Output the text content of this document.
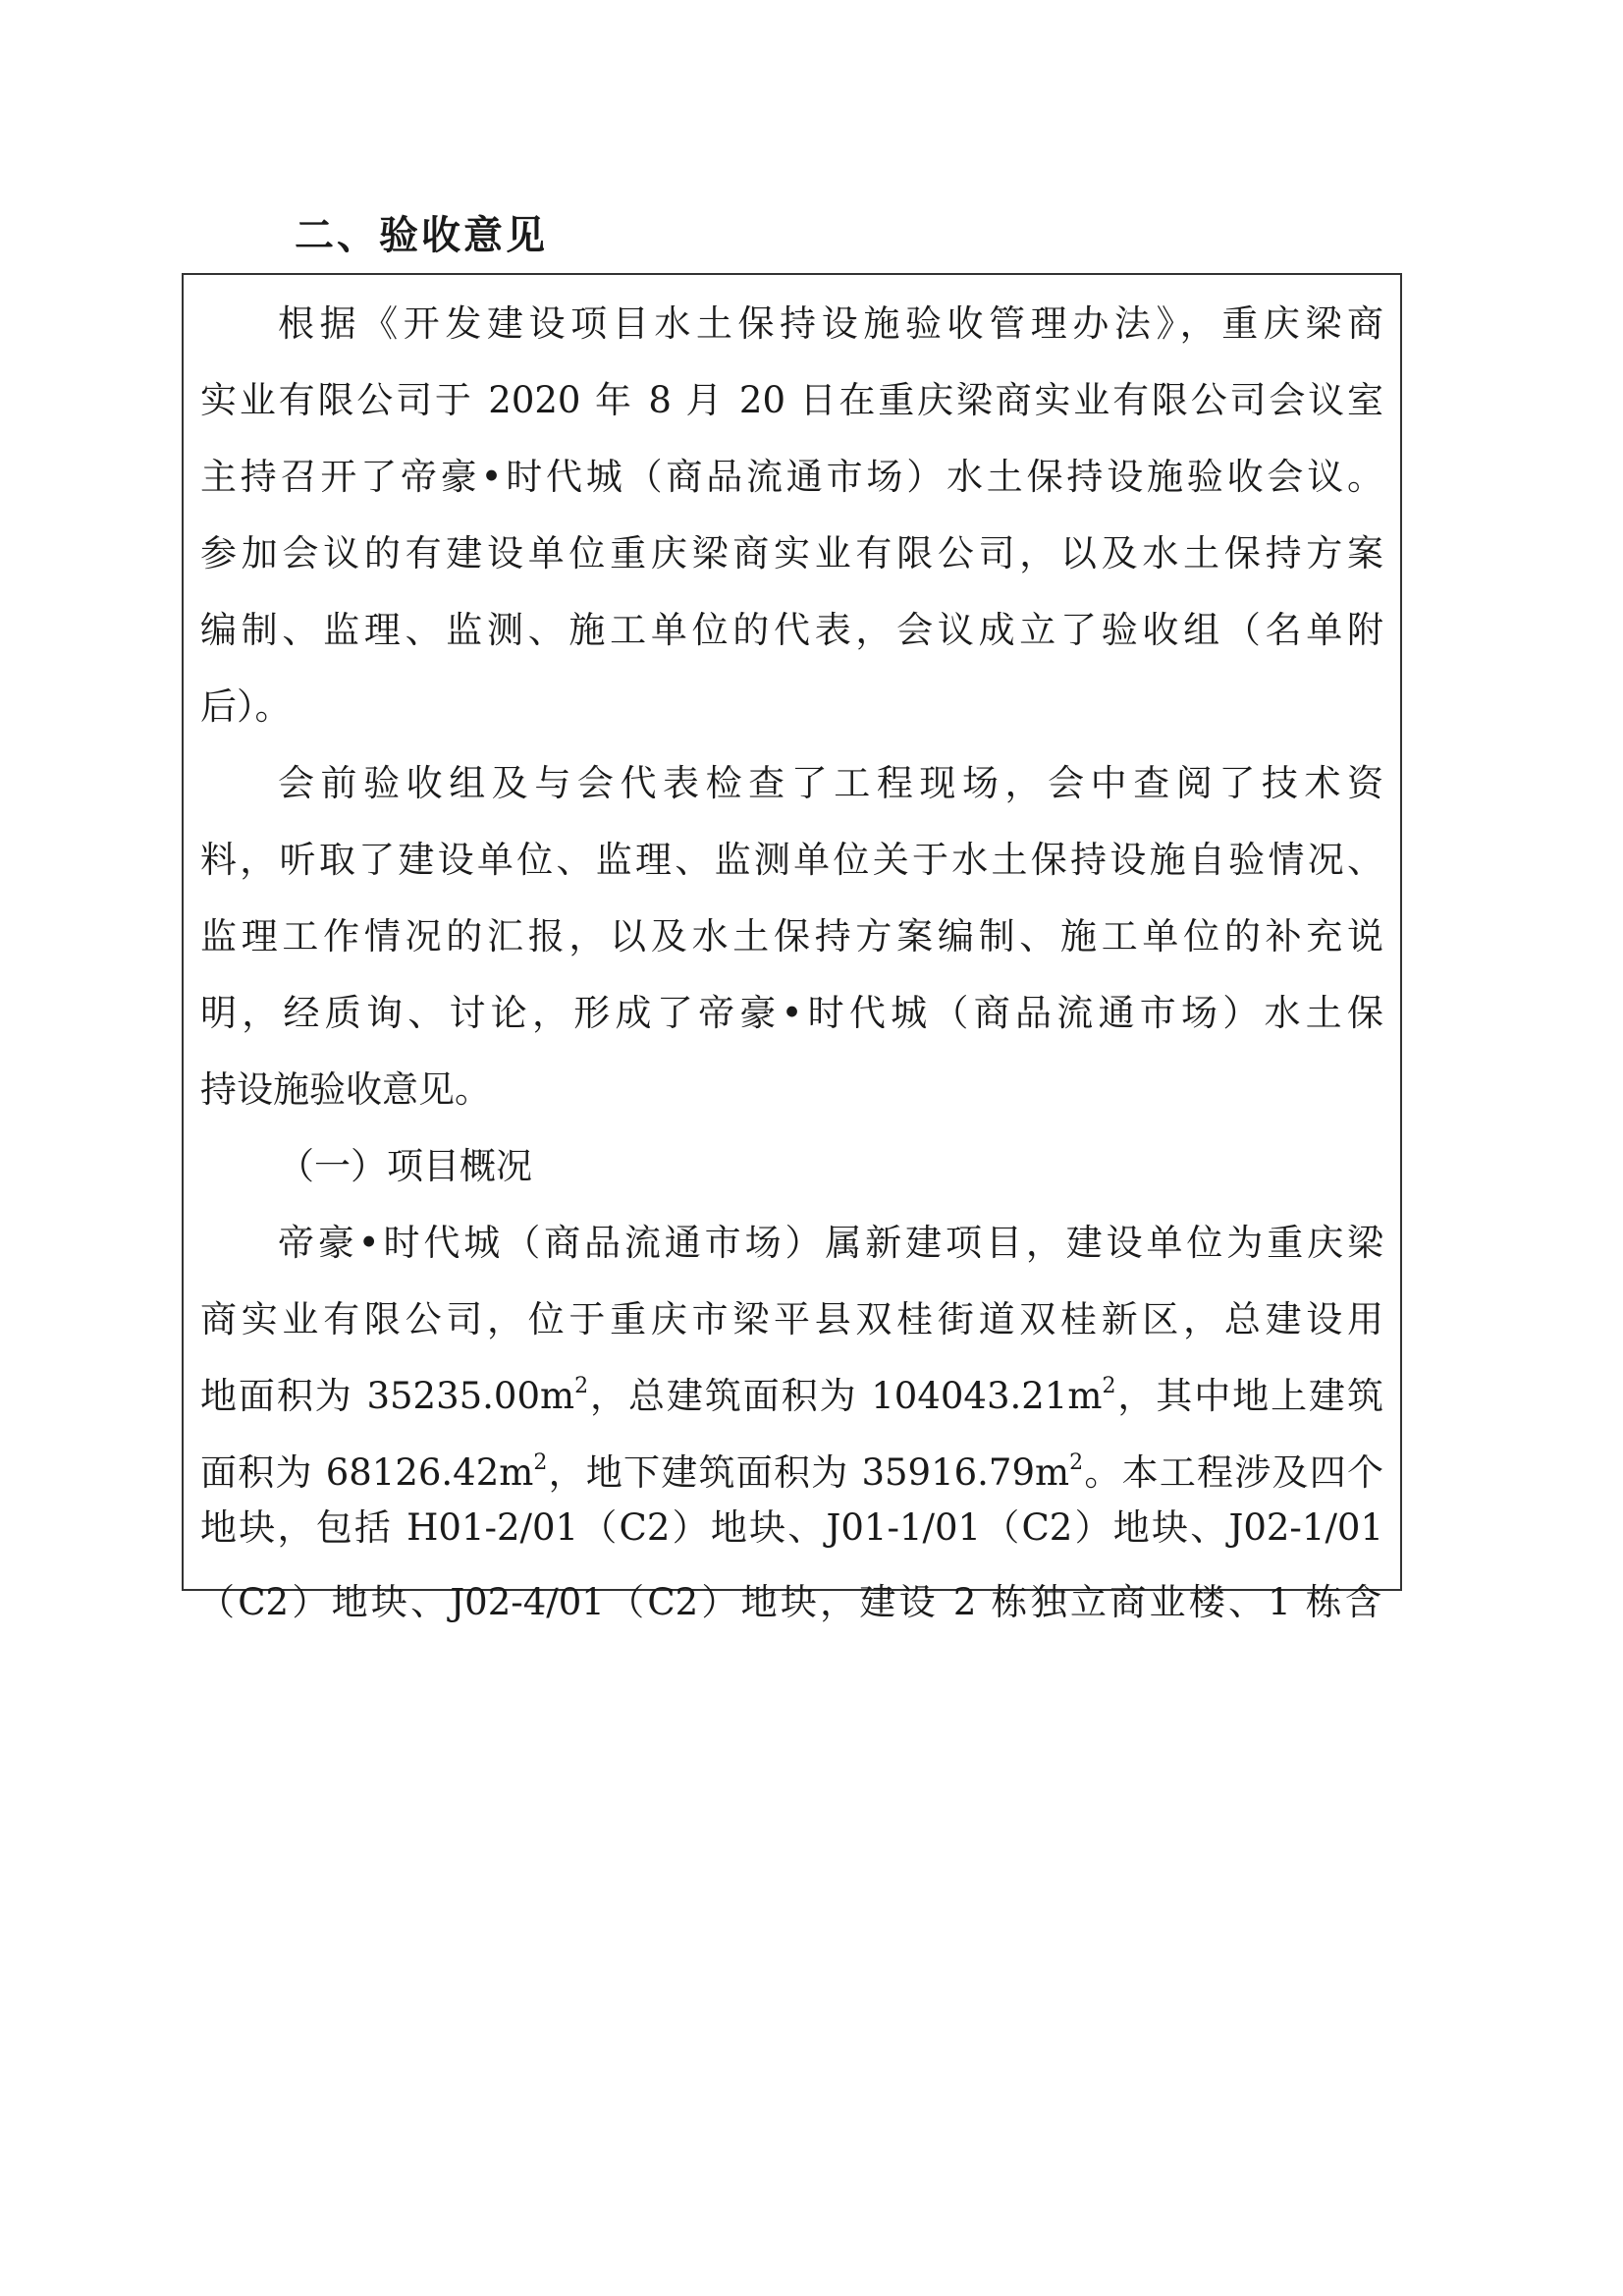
二、验收意见
根据《开发建设项目水土保持设施验收管理办法》，重庆梁商
实业有限公司于 2020 年 8 月 20 日在重庆梁商实业有限公司会议室
主持召开了帝豪•时代城（商品流通市场）水土保持设施验收会议。
参加会议的有建设单位重庆梁商实业有限公司，以及水土保持方案
编制、监理、监测、施工单位的代表，会议成立了验收组（名单附
后）。
会前验收组及与会代表检查了工程现场，会中查阅了技术资
料，听取了建设单位、监理、监测单位关于水土保持设施自验情况、
监理工作情况的汇报，以及水土保持方案编制、施工单位的补充说
明，经质询、讨论，形成了帝豪•时代城（商品流通市场）水土保
持设施验收意见。
（一）项目概况
帝豪•时代城（商品流通市场）属新建项目，建设单位为重庆梁
商实业有限公司，位于重庆市梁平县双桂街道双桂新区，总建设用
地面积为 $35235.00m^2$，总建筑面积为 $104043.21m^2$，其中地上建筑
面积为 $68126.42m^2$，地下建筑面积为 $35916.79m^2$。本工程涉及四个
地块，包括 H01-2/01（C2）地块、J01-1/01（C2）地块、J02-1/01
（C2）地块、J02-4/01（C2）地块，建设 2 栋独立商业楼、1 栋含
